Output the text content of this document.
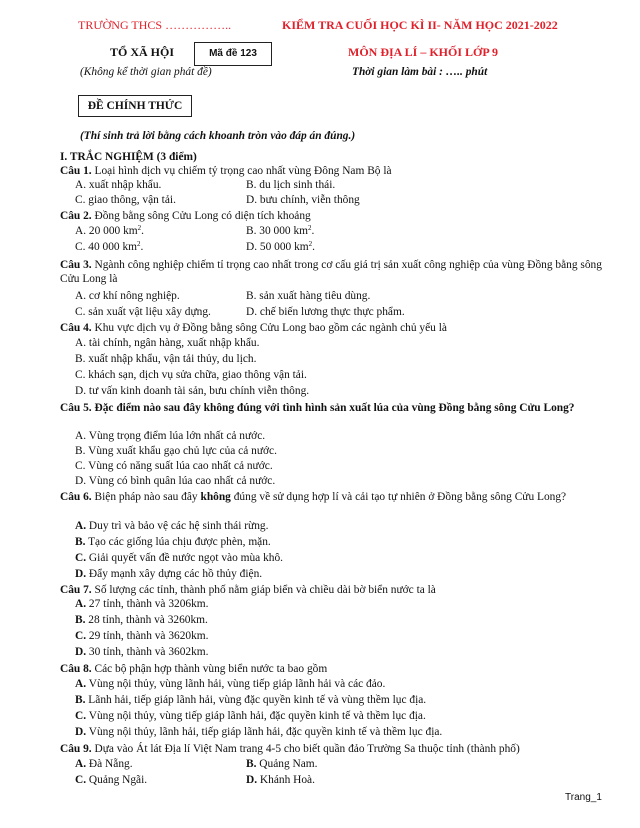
TRƯỜNG THCS ……………..	KIỂM TRA CUỐI HỌC KÌ II- NĂM HỌC 2021-2022
TỔ XÃ HỘI	Mã đề 123	MÔN ĐỊA LÍ – KHỐI LỚP 9
(Không kể thời gian phát đề)	Thời gian làm bài : ….. phút
ĐỀ CHÍNH THỨC
(Thí sinh trả lời bằng cách khoanh tròn vào đáp án đúng.)
I. TRẮC NGHIỆM (3 điểm)
Câu 1. Loại hình dịch vụ chiếm tỷ trọng cao nhất vùng Đông Nam Bộ là
A. xuất nhập khẩu.	B. du lịch sinh thái.
C. giao thông, vận tải.	D. bưu chính, viễn thông
Câu 2. Đồng bằng sông Cửu Long có diện tích khoảng
A. 20 000 $km^2$.	B. 30 000 $km^2$.
C. 40 000 $km^2$.	D. 50 000 $km^2$.
Câu 3. Ngành công nghiệp chiếm tỉ trọng cao nhất trong cơ cấu giá trị sản xuất công nghiệp của vùng Đồng bằng sông Cửu Long là
A. cơ khí nông nghiệp.	B. sản xuất hàng tiêu dùng.
C. sản xuất vật liệu xây dựng.	D. chế biến lương thực thực phẩm.
Câu 4. Khu vực dịch vụ ở Đồng bằng sông Cửu Long bao gồm các ngành chủ yếu là
A. tài chính, ngân hàng, xuất nhập khẩu.
B. xuất nhập khẩu, vận tải thủy, du lịch.
C. khách sạn, dịch vụ sửa chữa, giao thông vận tải.
D. tư vấn kinh doanh tài sản, bưu chính viễn thông.
Câu 5. Đặc điểm nào sau đây không đúng với tình hình sản xuất lúa của vùng Đồng bằng sông Cửu Long?
A. Vùng trọng điểm lúa lớn nhất cả nước.
B. Vùng xuất khẩu gạo chủ lực của cả nước.
C. Vùng có năng suất lúa cao nhất cả nước.
D. Vùng có bình quân lúa cao nhất cả nước.
Câu 6. Biện pháp nào sau đây không đúng về sử dụng hợp lí và cải tạo tự nhiên ở Đồng bằng sông Cửu Long?
A. Duy trì và bảo vệ các hệ sinh thái rừng.
B. Tạo các giống lúa chịu được phèn, mặn.
C. Giải quyết vấn đề nước ngọt vào mùa khô.
D. Đẩy mạnh xây dựng các hồ thủy điện.
Câu 7. Số lượng các tỉnh, thành phố nằm giáp biển và chiều dài bờ biển nước ta là
A. 27 tỉnh, thành và 3206km.
B. 28 tỉnh, thành và 3260km.
C. 29 tỉnh, thành và 3620km.
D. 30 tỉnh, thành và 3602km.
Câu 8. Các bộ phận hợp thành vùng biển nước ta bao gồm
A. Vùng nội thủy, vùng lãnh hải, vùng tiếp giáp lãnh hải và các đảo.
B. Lãnh hải, tiếp giáp lãnh hải, vùng đặc quyền kinh tế và vùng thềm lục địa.
C. Vùng nội thủy, vùng tiếp giáp lãnh hải, đặc quyền kinh tế và thềm lục địa.
D. Vùng nội thủy, lãnh hải, tiếp giáp lãnh hải, đặc quyền kinh tế và thềm lục địa.
Câu 9. Dựa vào Át lát Địa lí Việt Nam trang 4-5 cho biết quần đảo Trường Sa thuộc tỉnh (thành phố)
A. Đà Nẵng.	B. Quảng Nam.
C. Quảng Ngãi.	D. Khánh Hoà.
Trang_1
